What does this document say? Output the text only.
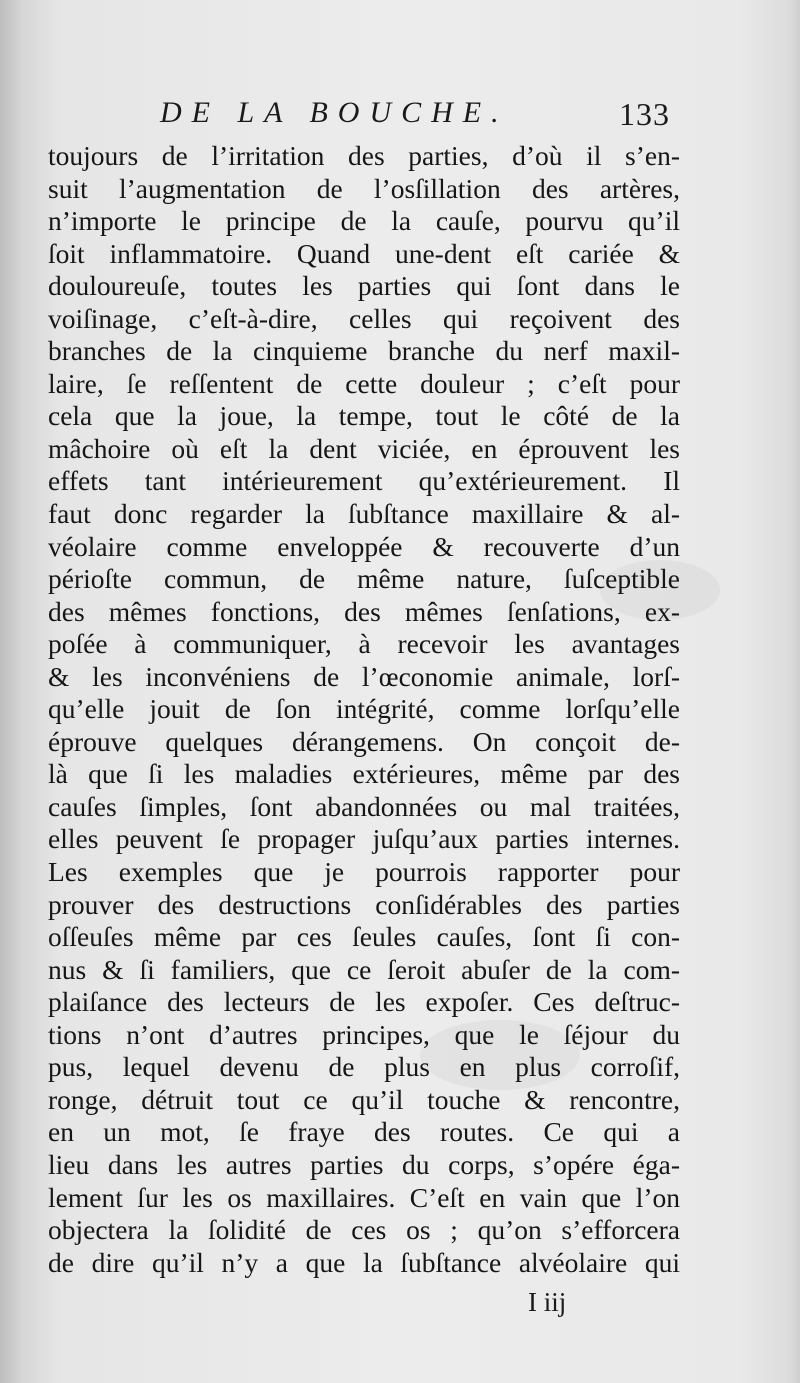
DE LA BOUCHE.	133
toujours de l’irritation des parties, d’où il s’en-
suit l’augmentation de l’osſillation des artères,
n’importe le principe de la cauſe, pourvu qu’il
ſoit inflammatoire. Quand une-dent eſt cariée &
douloureuſe, toutes les parties qui ſont dans le
voiſinage, c’eſt-à-dire, celles qui reçoivent des
branches de la cinquieme branche du nerf maxil-
laire, ſe reſſentent de cette douleur ; c’eſt pour
cela que la joue, la tempe, tout le côté de la
mâchoire où eſt la dent viciée, en éprouvent les
effets tant intérieurement qu’extérieurement. Il
faut donc regarder la ſubſtance maxillaire & al-
véolaire comme enveloppée & recouverte d’un
périoſte commun, de même nature, ſuſceptible
des mêmes fonctions, des mêmes ſenſations, ex-
poſée à communiquer, à recevoir les avantages
& les inconvéniens de l’œconomie animale, lorſ-
qu’elle jouit de ſon intégrité, comme lorſqu’elle
éprouve quelques dérangemens. On conçoit de-
là que ſi les maladies extérieures, même par des
cauſes ſimples, ſont abandonnées ou mal traitées,
elles peuvent ſe propager juſqu’aux parties internes.
Les exemples que je pourrois rapporter pour
prouver des destructions conſidérables des parties
oſſeuſes même par ces ſeules cauſes, ſont ſi con-
nus & ſi familiers, que ce ſeroit abuſer de la com-
plaiſance des lecteurs de les expoſer. Ces deſtruc-
tions n’ont d’autres principes, que le ſéjour du
pus, lequel devenu de plus en plus corroſif,
ronge, détruit tout ce qu’il touche & rencontre,
en un mot, ſe fraye des routes. Ce qui a
lieu dans les autres parties du corps, s’opére éga-
lement ſur les os maxillaires. C’eſt en vain que l’on
objectera la ſolidité de ces os ; qu’on s’efforcera
de dire qu’il n’y a que la ſubſtance alvéolaire qui
I iij
